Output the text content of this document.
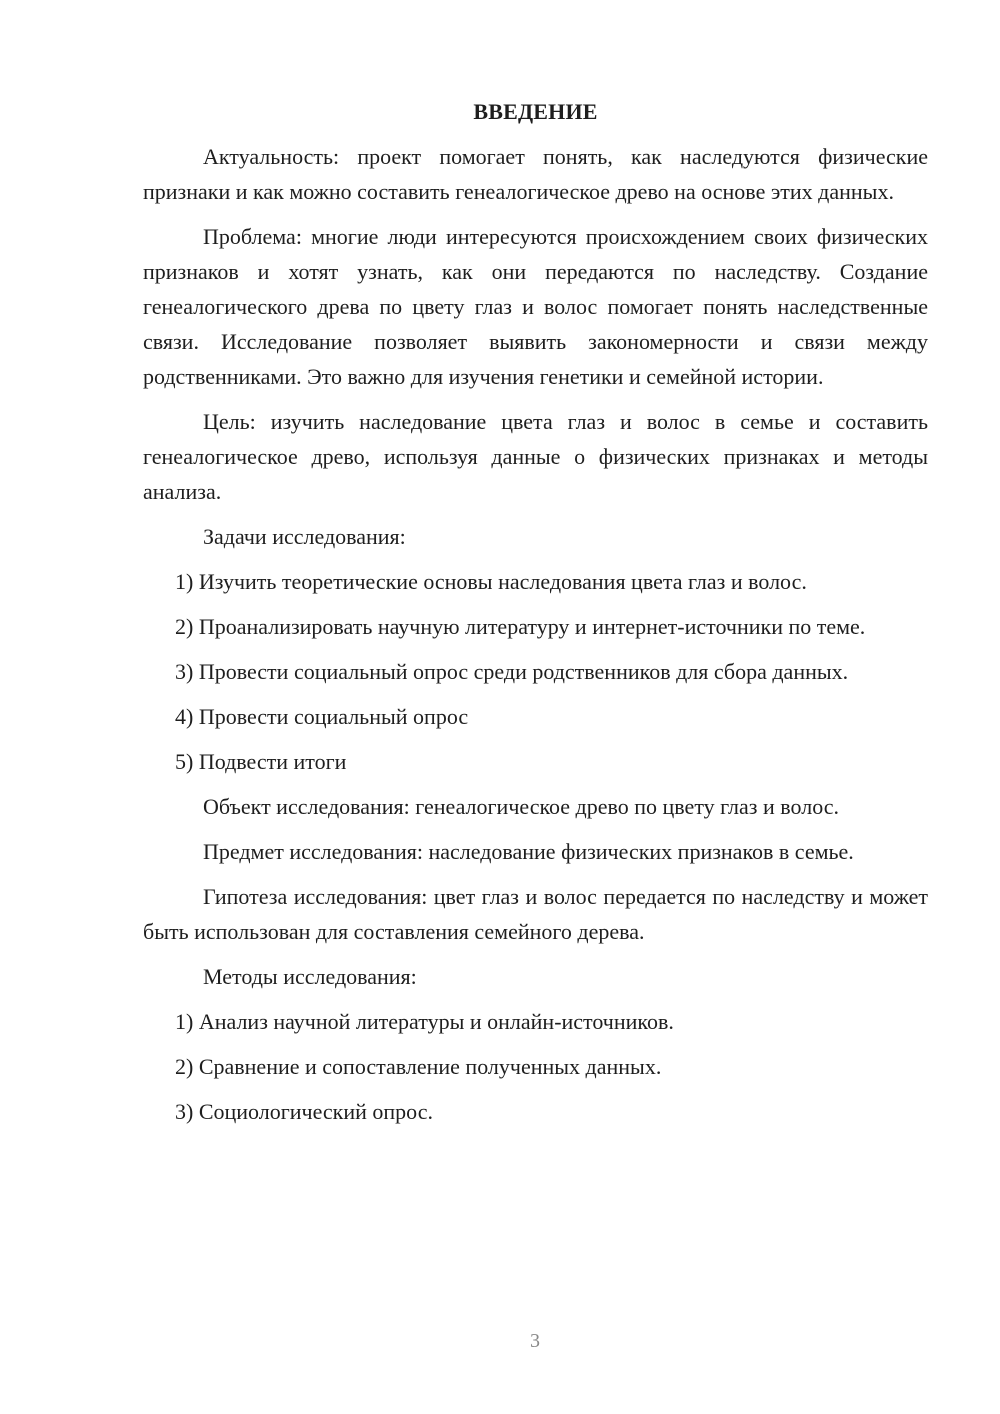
ВВЕДЕНИЕ

Актуальность: проект помогает понять, как наследуются физические признаки и как можно составить генеалогическое древо на основе этих данных.

Проблема: многие люди интересуются происхождением своих физических признаков и хотят узнать, как они передаются по наследству. Создание генеалогического древа по цвету глаз и волос помогает понять наследственные связи. Исследование позволяет выявить закономерности и связи между родственниками. Это важно для изучения генетики и семейной истории.

Цель: изучить наследование цвета глаз и волос в семье и составить генеалогическое древо, используя данные о физических признаках и методы анализа.

Задачи исследования:

1) Изучить теоретические основы наследования цвета глаз и волос.

2) Проанализировать научную литературу и интернет-источники по теме.

3) Провести социальный опрос среди родственников для сбора данных.

4) Провести социальный опрос

5) Подвести итоги

Объект исследования: генеалогическое древо по цвету глаз и волос.

Предмет исследования: наследование физических признаков в семье.

Гипотеза исследования: цвет глаз и волос передается по наследству и может быть использован для составления семейного дерева.

Методы исследования:

1) Анализ научной литературы и онлайн-источников.

2) Сравнение и сопоставление полученных данных.

3) Социологический опрос.

3
